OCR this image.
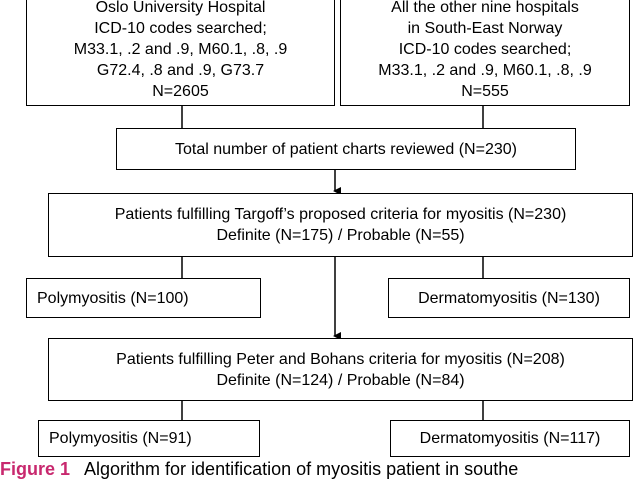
Oslo University Hospital
ICD-10 codes searched;
M33.1, .2 and .9, M60.1, .8, .9
G72.4, .8 and .9, G73.7
N=2605
All the other nine hospitals
in South-East Norway
ICD-10 codes searched;
M33.1, .2 and .9, M60.1, .8, .9
N=555
Total number of patient charts reviewed (N=230)
Patients fulfilling Targoff’s proposed criteria for myositis (N=230)
Definite (N=175) / Probable (N=55)
Polymyositis (N=100)	Dermatomyositis (N=130)
Patients fulfilling Peter and Bohans criteria for myositis (N=208)
Definite (N=124) / Probable (N=84)
Polymyositis (N=91)	Dermatomyositis (N=117)
Figure 1 Algorithm for identification of myositis patient in southe
